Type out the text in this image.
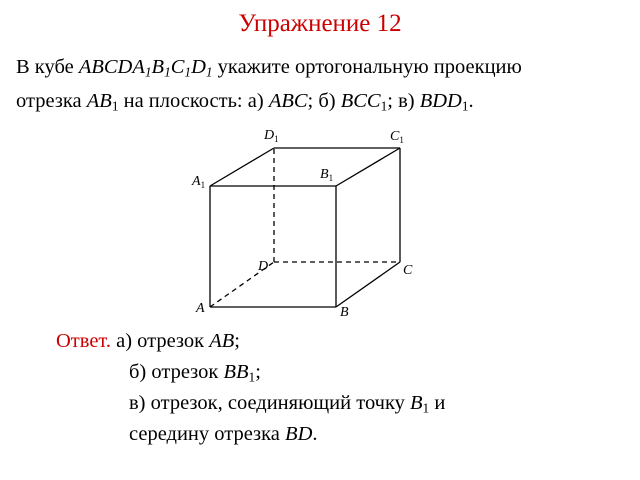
Упражнение 12
В кубе $ABCDA_1B_1C_1D_1$ укажите ортогональную проекцию
отрезка $AB_1$ на плоскость: а) ABC; б) $BCC_1$; в) $BDD_1$.
A	B
C
D
$A_1$
$B_1$
$C_1$
$D_1$
Ответ. а) отрезок AB;
б) отрезок $BB_1$;
в) отрезок, соединяющий точку $B_1$ и
середину отрезка BD.
